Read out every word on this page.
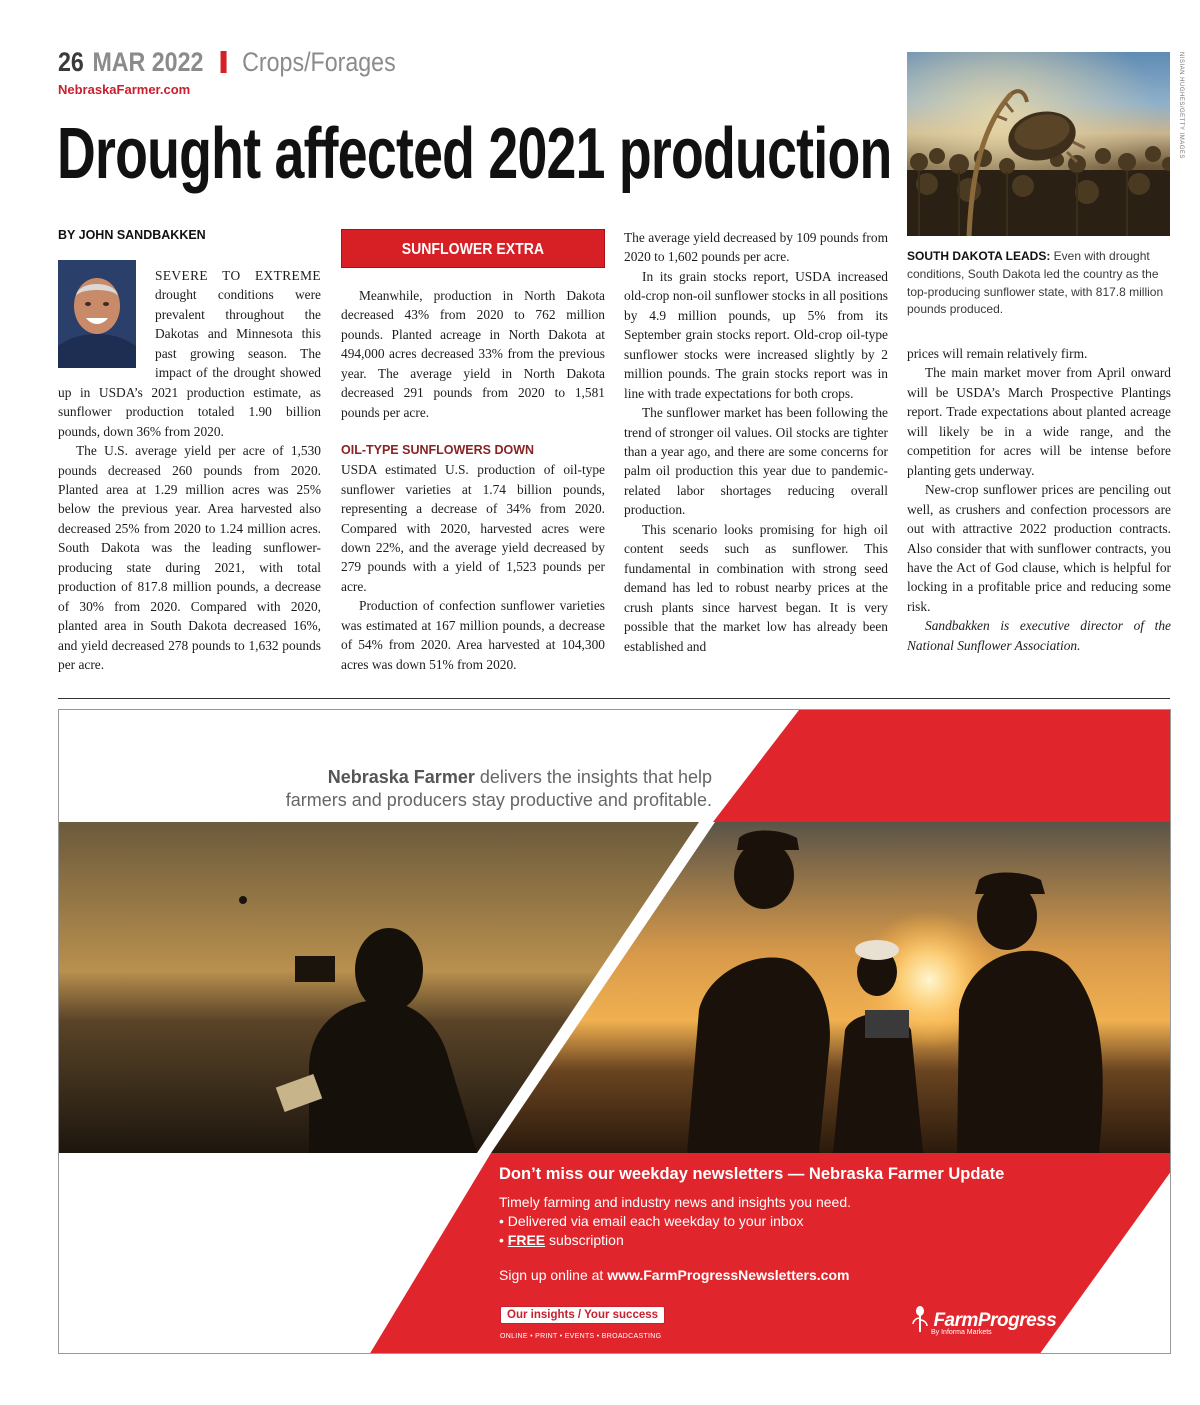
26 MAR 2022 Crops/Forages
NebraskaFarmer.com
Drought affected 2021 production	NISIAN HUGHES/GETTY IMAGES
SOUTH DAKOTA LEADS: Even with drought conditions, South Dakota led the country as the top-producing sunflower state, with 817.8 million pounds produced.
BY JOHN SANDBAKKEN

SEVERE TO EXTREME drought conditions were prevalent throughout the Dakotas and Minnesota this past growing season. The impact of the drought showed up in USDA’s 2021 production estimate, as sunflower production totaled 1.90 billion pounds, down 36% from 2020.

The U.S. average yield per acre of 1,530 pounds decreased 260 pounds from 2020. Planted area at 1.29 million acres was 25% below the previous year. Area harvested also decreased 25% from 2020 to 1.24 million acres. South Dakota was the leading sunflower-producing state during 2021, with total production of 817.8 million pounds, a decrease of 30% from 2020. Compared with 2020, planted area in South Dakota decreased 16%, and yield decreased 278 pounds to 1,632 pounds per acre.

SUNFLOWER EXTRA

Meanwhile, production in North Dakota decreased 43% from 2020 to 762 million pounds. Planted acreage in North Dakota at 494,000 acres decreased 33% from the previous year. The average yield in North Dakota decreased 291 pounds from 2020 to 1,581 pounds per acre.

OIL-TYPE SUNFLOWERS DOWN

USDA estimated U.S. production of oil-type sunflower varieties at 1.74 billion pounds, representing a decrease of 34% from 2020. Compared with 2020, harvested acres were down 22%, and the average yield decreased by 279 pounds with a yield of 1,523 pounds per acre.

Production of confection sunflower varieties was estimated at 167 million pounds, a decrease of 54% from 2020. Area harvested at 104,300 acres was down 51% from 2020.

The average yield decreased by 109 pounds from 2020 to 1,602 pounds per acre.

In its grain stocks report, USDA increased old-crop non-oil sunflower stocks in all positions by 4.9 million pounds, up 5% from its September grain stocks report. Old-crop oil-type sunflower stocks were increased slightly by 2 million pounds. The grain stocks report was in line with trade expectations for both crops.

The sunflower market has been following the trend of stronger oil values. Oil stocks are tighter than a year ago, and there are some concerns for palm oil production this year due to pandemic-related labor shortages reducing overall production.

This scenario looks promising for high oil content seeds such as sunflower. This fundamental in combination with strong seed demand has led to robust nearby prices at the crush plants since harvest began. It is very possible that the market low has already been established and

prices will remain relatively firm.

The main market mover from April onward will be USDA’s March Prospective Plantings report. Trade expectations about planted acreage will likely be in a wide range, and the competition for acres will be intense before planting gets underway.

New-crop sunflower prices are penciling out well, as crushers and confection processors are out with attractive 2022 production contracts. Also consider that with sunflower contracts, you have the Act of God clause, which is helpful for locking in a profitable price and reducing some risk.

Sandbakken is executive director of the National Sunflower Association.

Nebraska Farmer delivers the insights that help
farmers and producers stay productive and profitable.
Don’t miss our weekday newsletters — Nebraska Farmer Update
Timely farming and industry news and insights you need.
• Delivered via email each weekday to your inbox
• FREE subscription
Sign up online at www.FarmProgressNewsletters.com
Our insights / Your success
ONLINE • PRINT • EVENTS • BROADCASTING
FarmProgress
By Informa Markets
